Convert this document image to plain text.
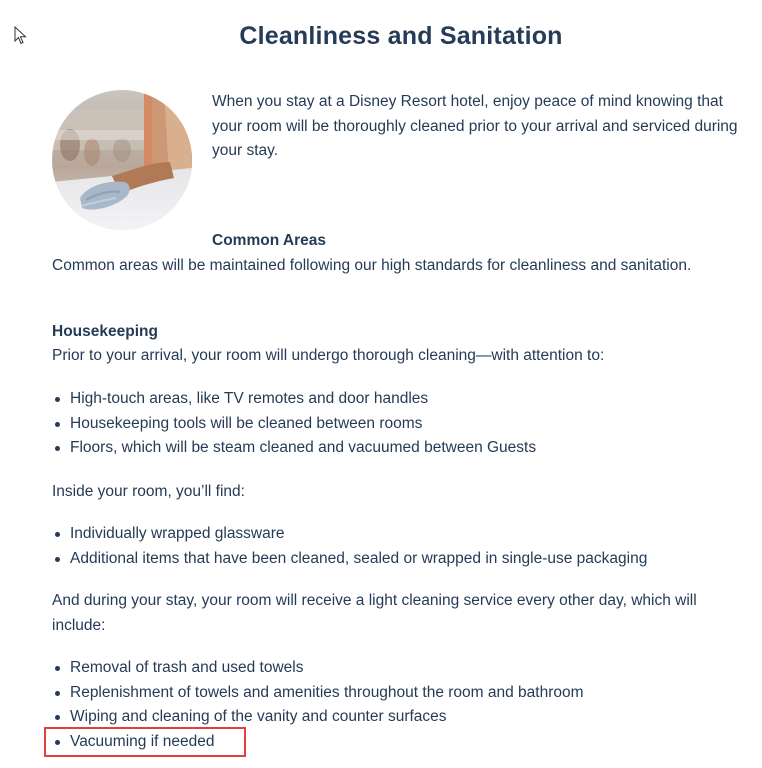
Cleanliness and Sanitation

When you stay at a Disney Resort hotel, enjoy peace of mind knowing that your room will be thoroughly cleaned prior to your arrival and serviced during your stay.

Common Areas

Common areas will be maintained following our high standards for cleanliness and sanitation.

Housekeeping

Prior to your arrival, your room will undergo thorough cleaning—with attention to:

High-touch areas, like TV remotes and door handles
Housekeeping tools will be cleaned between rooms
Floors, which will be steam cleaned and vacuumed between Guests

Inside your room, you’ll find:

Individually wrapped glassware
Additional items that have been cleaned, sealed or wrapped in single-use packaging

And during your stay, your room will receive a light cleaning service every other day, which will include:

Removal of trash and used towels
Replenishment of towels and amenities throughout the room and bathroom
Wiping and cleaning of the vanity and counter surfaces
Vacuuming if needed
